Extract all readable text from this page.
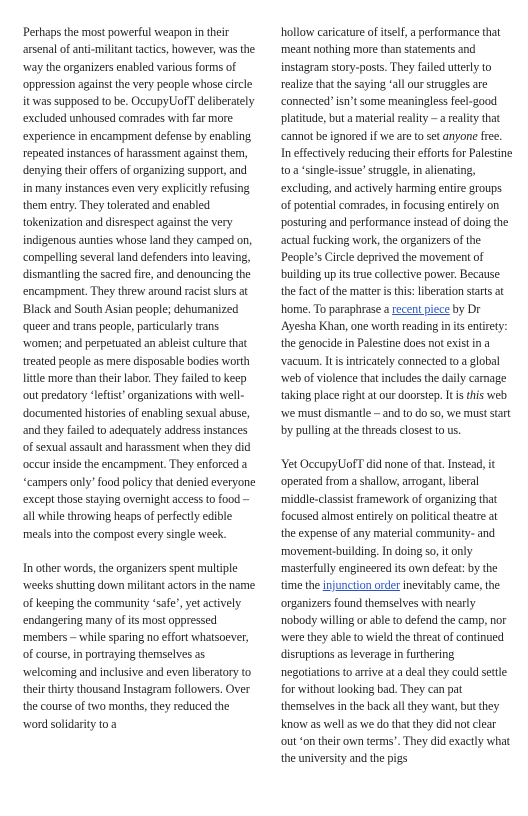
Perhaps the most powerful weapon in their arsenal of anti-militant tactics, however, was the way the organizers enabled various forms of oppression against the very people whose circle it was supposed to be. OccupyUofT deliberately excluded unhoused comrades with far more experience in encampment defense by enabling repeated instances of harassment against them, denying their offers of organizing support, and in many instances even very explicitly refusing them entry. They tolerated and enabled tokenization and disrespect against the very indigenous aunties whose land they camped on, compelling several land defenders into leaving, dismantling the sacred fire, and denouncing the encampment. They threw around racist slurs at Black and South Asian people; dehumanized queer and trans people, particularly trans women; and perpetuated an ableist culture that treated people as mere disposable bodies worth little more than their labor. They failed to keep out predatory ‘leftist’ organizations with well-documented histories of enabling sexual abuse, and they failed to adequately address instances of sexual assault and harassment when they did occur inside the encampment. They enforced a ‘campers only’ food policy that denied everyone except those staying overnight access to food – all while throwing heaps of perfectly edible meals into the compost every single week.

In other words, the organizers spent multiple weeks shutting down militant actors in the name of keeping the community ‘safe’, yet actively endangering many of its most oppressed members – while sparing no effort whatsoever, of course, in portraying themselves as welcoming and inclusive and even liberatory to their thirty thousand Instagram followers. Over the course of two months, they reduced the word solidarity to a

hollow caricature of itself, a performance that meant nothing more than statements and instagram story-posts. They failed utterly to realize that the saying ‘all our struggles are connected’ isn’t some meaningless feel-good platitude, but a material reality – a reality that cannot be ignored if we are to set anyone free. In effectively reducing their efforts for Palestine to a ‘single-issue’ struggle, in alienating, excluding, and actively harming entire groups of potential comrades, in focusing entirely on posturing and performance instead of doing the actual fucking work, the organizers of the People’s Circle deprived the movement of building up its true collective power. Because the fact of the matter is this: liberation starts at home. To paraphrase a recent piece by Dr Ayesha Khan, one worth reading in its entirety: the genocide in Palestine does not exist in a vacuum. It is intricately connected to a global web of violence that includes the daily carnage taking place right at our doorstep. It is this web we must dismantle – and to do so, we must start by pulling at the threads closest to us.

Yet OccupyUofT did none of that. Instead, it operated from a shallow, arrogant, liberal middle-classist framework of organizing that focused almost entirely on political theatre at the expense of any material community- and movement-building. In doing so, it only masterfully engineered its own defeat: by the time the injunction order inevitably came, the organizers found themselves with nearly nobody willing or able to defend the camp, nor were they able to wield the threat of continued disruptions as leverage in furthering negotiations to arrive at a deal they could settle for without looking bad. They can pat themselves in the back all they want, but they know as well as we do that they did not clear out ‘on their own terms’. They did exactly what the university and the pigs
